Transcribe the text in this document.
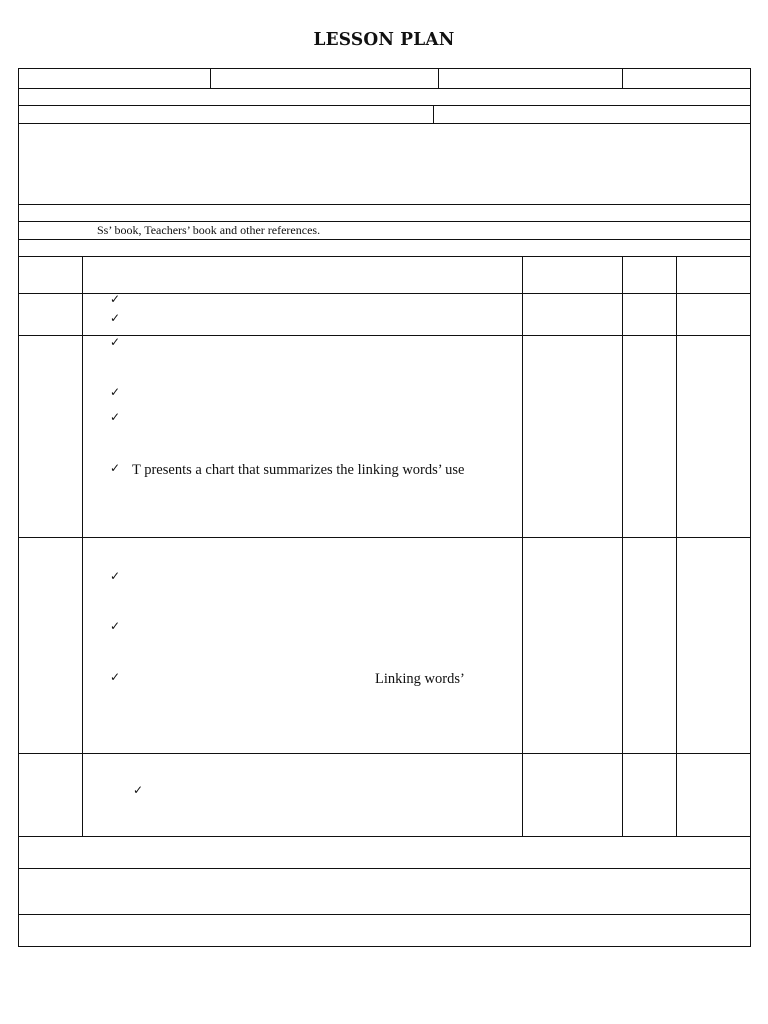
LESSON PLAN
Ss’ book, Teachers’ book and other references.
✓
✓
✓
✓
✓
✓ T presents a chart that summarizes the linking words’ use
✓
✓
✓	Linking words’
✓
